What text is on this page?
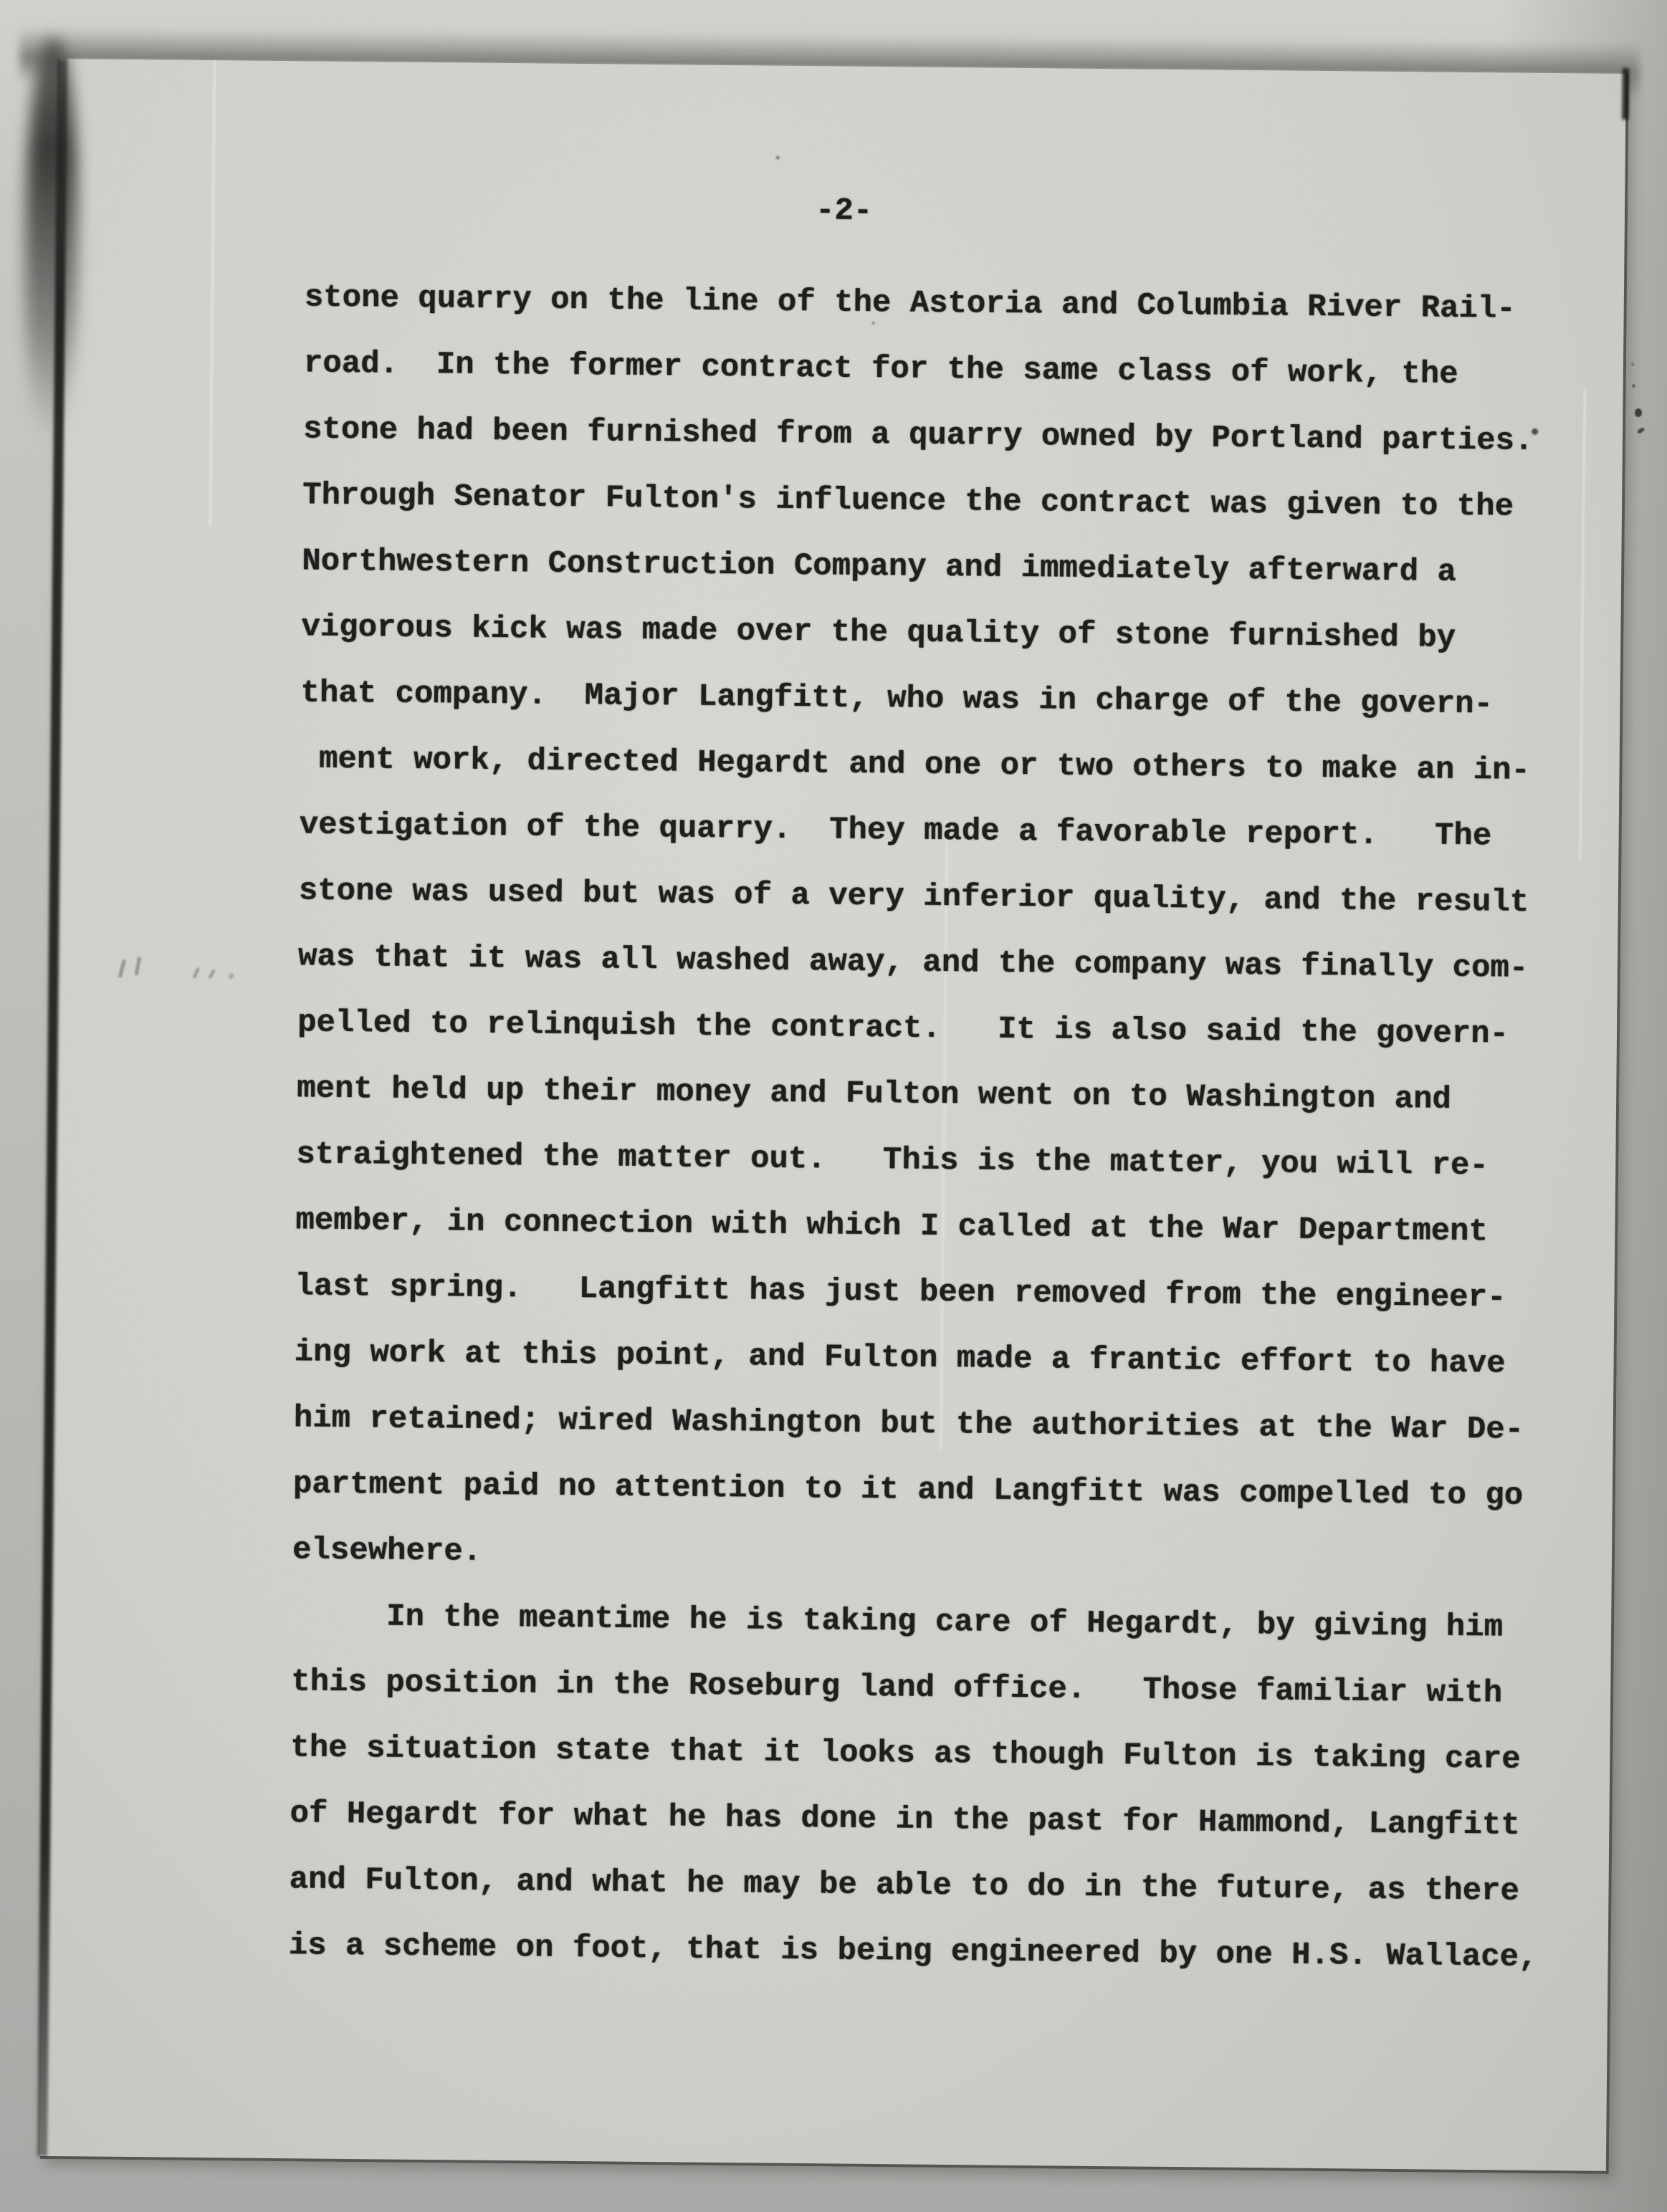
-2-
stone quarry on the line of the Astoria and Columbia River Rail-
road.  In the former contract for the same class of work, the
stone had been furnished from a quarry owned by Portland parties.
Through Senator Fulton's influence the contract was given to the
Northwestern Construction Company and immediately afterward a
vigorous kick was made over the quality of stone furnished by
that company.  Major Langfitt, who was in charge of the govern-
ment work, directed Hegardt and one or two others to make an in-
vestigation of the quarry.  They made a favorable report.   The
stone was used but was of a very inferior quality, and the result
was that it was all washed away, and the company was finally com-
pelled to relinquish the contract.   It is also said the govern-
ment held up their money and Fulton went on to Washington and
straightened the matter out.   This is the matter, you will re-
member, in connection with which I called at the War Department
last spring.   Langfitt has just been removed from the engineer-
ing work at this point, and Fulton made a frantic effort to have
him retained; wired Washington but the authorities at the War De-
partment paid no attention to it and Langfitt was compelled to go
elsewhere.
In the meantime he is taking care of Hegardt, by giving him
this position in the Roseburg land office.   Those familiar with
the situation state that it looks as though Fulton is taking care
of Hegardt for what he has done in the past for Hammond, Langfitt
and Fulton, and what he may be able to do in the future, as there
is a scheme on foot, that is being engineered by one H.S. Wallace,
